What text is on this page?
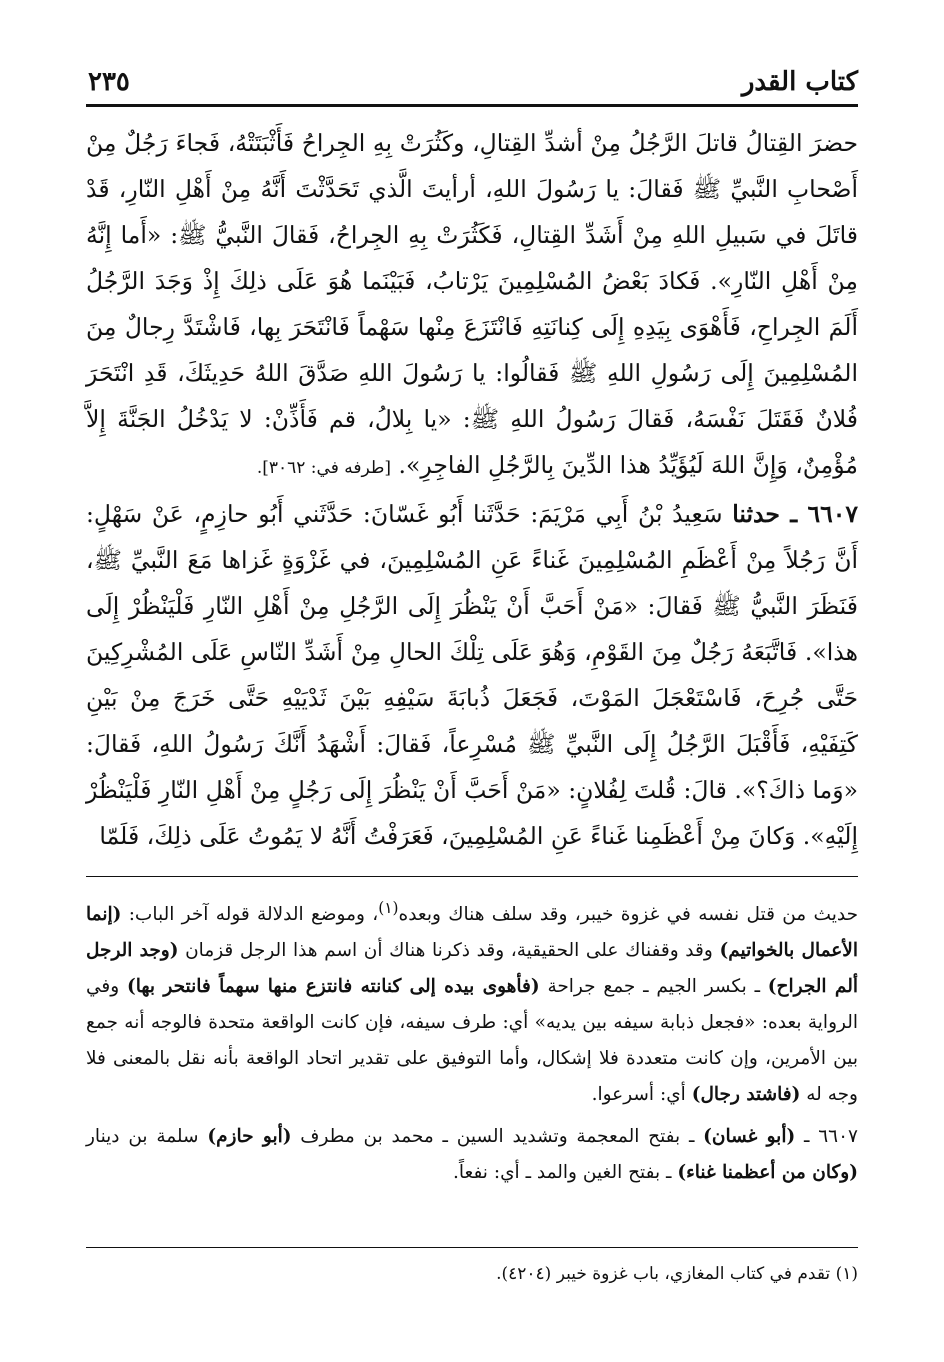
٢٣٥	كتاب القدر

حضرَ القِتالُ قاتلَ الرَّجُلُ مِنْ أشدِّ القِتالِ، وكَثُرَتْ بِهِ الجِراحُ فَأَثْبَتَتْهُ، فَجاءَ رَجُلٌ مِنْ أَصْحابِ النَّبيِّ ﷺ فَقالَ: يا رَسُولَ اللهِ، أرأيتَ الَّذي تَحَدَّثْتَ أَنَّهُ مِنْ أَهْلِ النّارِ، قَدْ قاتَلَ في سَبيلِ اللهِ مِنْ أَشَدِّ القِتالِ، فَكَثُرَتْ بِهِ الجِراحُ، فَقالَ النَّبيُّ ﷺ: «أَما إِنَّهُ مِنْ أَهْلِ النّارِ». فَكادَ بَعْضُ المُسْلِمِينَ يَرْتابُ، فَبَيْنَما هُوَ عَلَى ذلِكَ إِذْ وَجَدَ الرَّجُلُ أَلَمَ الجِراحِ، فَأَهْوَى بِيَدِهِ إِلَى كِنانَتِهِ فَانْتَزَعَ مِنْها سَهْماً فَانْتَحَرَ بِها، فَاشْتَدَّ رِجالٌ مِنَ المُسْلِمِينَ إِلَى رَسُولِ اللهِ ﷺ فَقالُوا: يا رَسُولَ اللهِ صَدَّقَ اللهُ حَدِيثَكَ، قَدِ انْتَحَرَ فُلانٌ فَقَتَلَ نَفْسَهُ، فَقالَ رَسُولُ اللهِ ﷺ: «يا بِلالُ، قم فَأَذِّنْ: لا يَدْخُلُ الجَنَّةَ إِلاَّ مُؤْمِنٌ، وَإِنَّ اللهَ لَيُؤَيِّدُ هذا الدِّينَ بِالرَّجُلِ الفاجِرِ». [طرفه في: ٣٠٦٢].

٦٦٠٧ ـ حدثنا سَعِيدُ بْنُ أَبِي مَرْيَمَ: حَدَّثَنا أَبُو غَسّانَ: حَدَّثَني أَبُو حازِمٍ، عَنْ سَهْلٍ: أَنَّ رَجُلاً مِنْ أَعْظَمِ المُسْلِمِينَ غَناءً عَنِ المُسْلِمِينَ، في غَزْوَةٍ غَزاها مَعَ النَّبيِّ ﷺ، فَنَظَرَ النَّبيُّ ﷺ فَقالَ: «مَنْ أَحَبَّ أَنْ يَنْظُرَ إِلَى الرَّجُلِ مِنْ أَهْلِ النّارِ فَلْيَنْظُرْ إِلَى هذا». فَاتَّبَعَهُ رَجُلٌ مِنَ القَوْمِ، وَهُوَ عَلَى تِلْكَ الحالِ مِنْ أَشَدِّ النّاسِ عَلَى المُشْرِكِينَ حَتَّى جُرِحَ، فَاسْتَعْجَلَ المَوْتَ، فَجَعَلَ ذُبابَةَ سَيْفِهِ بَيْنَ ثَدْيَيْهِ حَتَّى خَرَجَ مِنْ بَيْنِ كَتِفَيْهِ، فَأَقْبَلَ الرَّجُلُ إِلَى النَّبيِّ ﷺ مُسْرِعاً، فَقالَ: أَشْهَدُ أَنَّكَ رَسُولُ اللهِ، فَقالَ: «وَما ذاكَ؟». قالَ: قُلتَ لِفُلانٍ: «مَنْ أَحَبَّ أَنْ يَنْظُرَ إِلَى رَجُلٍ مِنْ أَهْلِ النّارِ فَلْيَنْظُرْ إِلَيْهِ». وَكانَ مِنْ أَعْظَمِنا غَناءً عَنِ المُسْلِمِينَ، فَعَرَفْتُ أَنَّهُ لا يَمُوتُ عَلَى ذلِكَ، فَلَمّا

حديث من قتل نفسه في غزوة خيبر، وقد سلف هناك وبعده$^{(١)}$، وموضع الدلالة قوله آخر الباب: (إنما الأعمال بالخواتيم) وقد وقفناك على الحقيقية، وقد ذكرنا هناك أن اسم هذا الرجل قزمان (وجد الرجل ألم الجراح) ـ بكسر الجيم ـ جمع جراحة (فأهوى بيده إلى كنانته فانتزع منها سهماً فانتحر بها) وفي الرواية بعده: «فجعل ذبابة سيفه بين يديه» أي: طرف سيفه، فإن كانت الواقعة متحدة فالوجه أنه جمع بين الأمرين، وإن كانت متعددة فلا إشكال، وأما التوفيق على تقدير اتحاد الواقعة بأنه نقل بالمعنى فلا وجه له (فاشتد رجال) أي: أسرعوا.

٦٦٠٧ ـ (أبو غسان) ـ بفتح المعجمة وتشديد السين ـ محمد بن مطرف (أبو حازم) سلمة بن دينار (وكان من أعظمنا غناء) ـ بفتح الغين والمد ـ أي: نفعاً.

(١) تقدم في كتاب المغازي، باب غزوة خيبر (٤٢٠٤).
